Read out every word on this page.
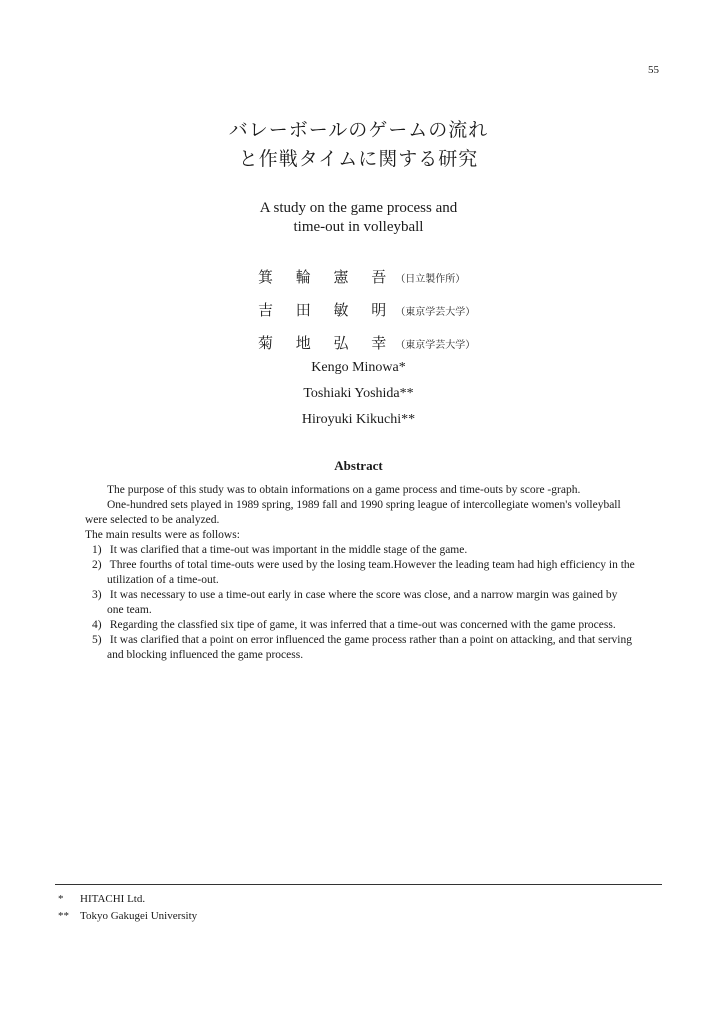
55
バレーボールのゲームの流れ
と作戦タイムに関する研究
A study on the game process and
time-out in volleyball
箕 輪 憲 吾（日立製作所）
吉 田 敏 明（東京学芸大学）
菊 地 弘 幸（東京学芸大学）
Kengo Minowa*
Toshiaki Yoshida**
Hiroyuki Kikuchi**
Abstract

The purpose of this study was to obtain informations on a game process and time-outs by score -graph.

One-hundred sets played in 1989 spring, 1989 fall and 1990 spring league of intercollegiate women's volleyball were selected to be analyzed.

The main results were as follows:

1) It was clarified that a time-out was important in the middle stage of the game.
2) Three fourths of total time-outs were used by the losing team.However the leading team had high efficiency in the utilization of a time-out.
3) It was necessary to use a time-out early in case where the score was close, and a narrow margin was gained by one team.
4) Regarding the classfied six tipe of game, it was inferred that a time-out was concerned with the game process.
5) It was clarified that a point on error influenced the game process rather than a point on attacking, and that serving and blocking influenced the game process.
* HITACHI Ltd.
** Tokyo Gakugei University
